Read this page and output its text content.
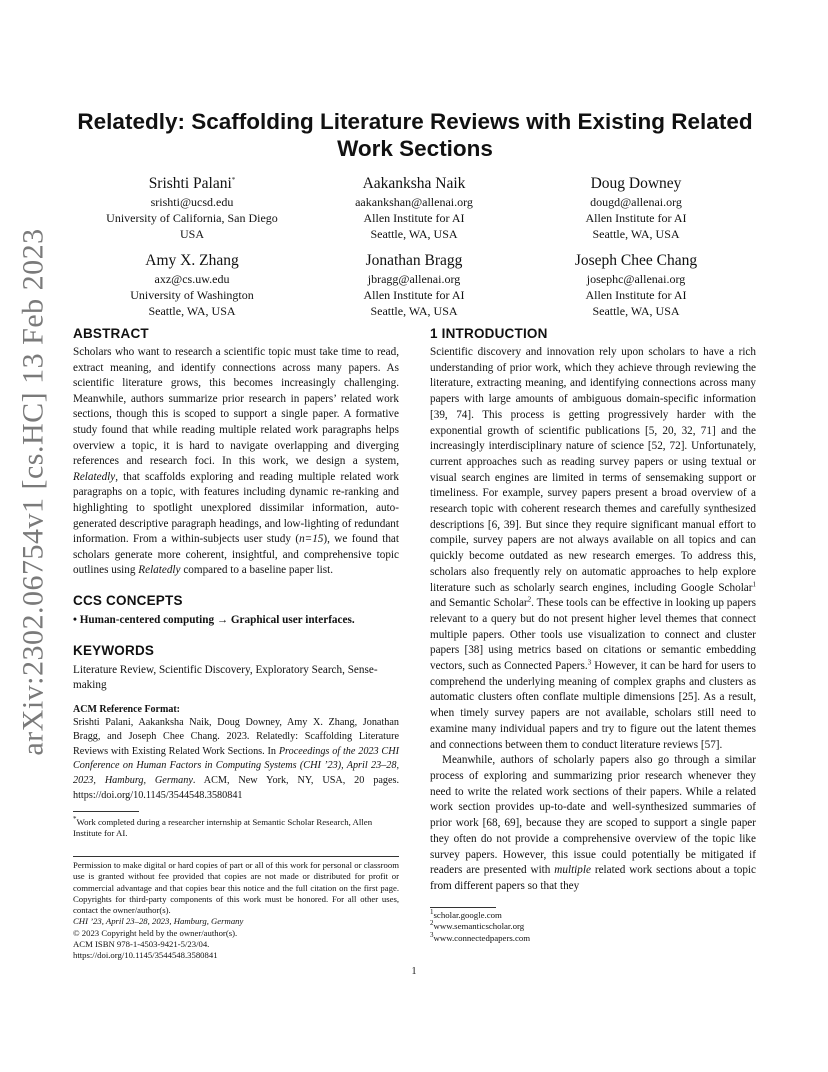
arXiv:2302.06754v1 [cs.HC] 13 Feb 2023
Relatedly: Scaffolding Literature Reviews with Existing Related Work Sections
Srishti Palani*
srishti@ucsd.edu
University of California, San Diego
USA
Aakanksha Naik
aakankshan@allenai.org
Allen Institute for AI
Seattle, WA, USA
Doug Downey
dougd@allenai.org
Allen Institute for AI
Seattle, WA, USA
Amy X. Zhang
axz@cs.uw.edu
University of Washington
Seattle, WA, USA
Jonathan Bragg
jbragg@allenai.org
Allen Institute for AI
Seattle, WA, USA
Joseph Chee Chang
josephc@allenai.org
Allen Institute for AI
Seattle, WA, USA
ABSTRACT

Scholars who want to research a scientific topic must take time to read, extract meaning, and identify connections across many papers. As scientific literature grows, this becomes increasingly challenging. Meanwhile, authors summarize prior research in papers’ related work sections, though this is scoped to support a single paper. A formative study found that while reading multiple related work paragraphs helps overview a topic, it is hard to navigate overlapping and diverging references and research foci. In this work, we design a system, Relatedly, that scaffolds exploring and reading multiple related work paragraphs on a topic, with features including dynamic re-ranking and highlighting to spotlight unexplored dissimilar information, auto-generated descriptive paragraph headings, and low-lighting of redundant information. From a within-subjects user study (n=15), we found that scholars generate more coherent, insightful, and comprehensive topic outlines using Relatedly compared to a baseline paper list.

CCS CONCEPTS

• Human-centered computing → Graphical user interfaces.

KEYWORDS

Literature Review, Scientific Discovery, Exploratory Search, Sense-making

ACM Reference Format:

Srishti Palani, Aakanksha Naik, Doug Downey, Amy X. Zhang, Jonathan Bragg, and Joseph Chee Chang. 2023. Relatedly: Scaffolding Literature Reviews with Existing Related Work Sections. In Proceedings of the 2023 CHI Conference on Human Factors in Computing Systems (CHI ’23), April 23–28, 2023, Hamburg, Germany. ACM, New York, NY, USA, 20 pages. https://doi.org/10.1145/3544548.3580841

*Work completed during a researcher internship at Semantic Scholar Research, Allen Institute for AI.

Permission to make digital or hard copies of part or all of this work for personal or classroom use is granted without fee provided that copies are not made or distributed for profit or commercial advantage and that copies bear this notice and the full citation on the first page. Copyrights for third-party components of this work must be honored. For all other uses, contact the owner/author(s).

CHI ’23, April 23–28, 2023, Hamburg, Germany

© 2023 Copyright held by the owner/author(s).

ACM ISBN 978-1-4503-9421-5/23/04.

https://doi.org/10.1145/3544548.3580841

1 INTRODUCTION

Scientific discovery and innovation rely upon scholars to have a rich understanding of prior work, which they achieve through reviewing the literature, extracting meaning, and identifying connections across many papers with large amounts of ambiguous domain-specific information [39, 74]. This process is getting progressively harder with the exponential growth of scientific publications [5, 20, 32, 71] and the increasingly interdisciplinary nature of science [52, 72]. Unfortunately, current approaches such as reading survey papers or using textual or visual search engines are limited in terms of sensemaking support or timeliness. For example, survey papers present a broad overview of a research topic with coherent research themes and carefully synthesized descriptions [6, 39]. But since they require significant manual effort to compile, survey papers are not always available on all topics and can quickly become outdated as new research emerges. To address this, scholars also frequently rely on automatic approaches to help explore literature such as scholarly search engines, including Google Scholar$^1$ and Semantic Scholar$^2$. These tools can be effective in looking up papers relevant to a query but do not present higher level themes that connect multiple papers. Other tools use visualization to connect and cluster papers [38] using metrics based on citations or semantic embedding vectors, such as Connected Papers.$^3$ However, it can be hard for users to comprehend the underlying meaning of complex graphs and clusters as automatic clusters often conflate multiple dimensions [25]. As a result, when timely survey papers are not available, scholars still need to examine many individual papers and try to figure out the latent themes and connections between them to conduct literature reviews [57].

Meanwhile, authors of scholarly papers also go through a similar process of exploring and summarizing prior research whenever they need to write the related work sections of their papers. While a related work section provides up-to-date and well-synthesized summaries of prior work [68, 69], because they are scoped to support a single paper they often do not provide a comprehensive overview of the topic like survey papers. However, this issue could potentially be mitigated if readers are presented with multiple related work sections about a topic from different papers so that they

$^1$scholar.google.com
$^2$www.semanticscholar.org
$^3$www.connectedpapers.com
1
